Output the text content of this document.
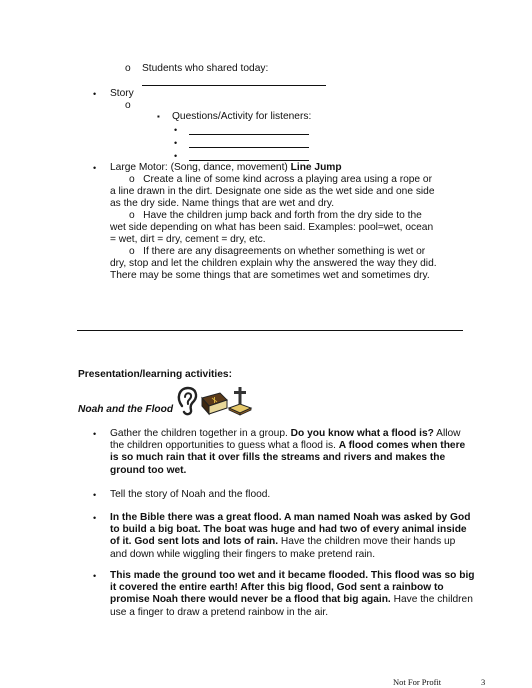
o Students who shared today:
• Story
o
▪ Questions/Activity for listeners:
•
•
•
• Large Motor: (Song, dance, movement) Line Jump
o   Create a line of some kind across a playing area using a rope or a line drawn in the dirt. Designate one side as the wet side and one side as the dry side. Name things that are wet and dry.
o   Have the children jump back and forth from the dry side to the wet side depending on what has been said. Examples: pool=wet, ocean = wet, dirt = dry, cement = dry, etc.
o   If there are any disagreements on whether something is wet or dry, stop and let the children explain why the answered the way they did. There may be some things that are sometimes wet and sometimes dry.
Presentation/learning activities:
Noah and the Flood
• Gather the children together in a group. Do you know what a flood is? Allow the children opportunities to guess what a flood is. A flood comes when there is so much rain that it over fills the streams and rivers and makes the ground too wet.
• Tell the story of Noah and the flood.
• In the Bible there was a great flood. A man named Noah was asked by God to build a big boat. The boat was huge and had two of every animal inside of it. God sent lots and lots of rain. Have the children move their hands up and down while wiggling their fingers to make pretend rain.
• This made the ground too wet and it became flooded. This flood was so big it covered the entire earth! After this big flood, God sent a rainbow to promise Noah there would never be a flood that big again. Have the children use a finger to draw a pretend rainbow in the air.
Not For Profit	3
